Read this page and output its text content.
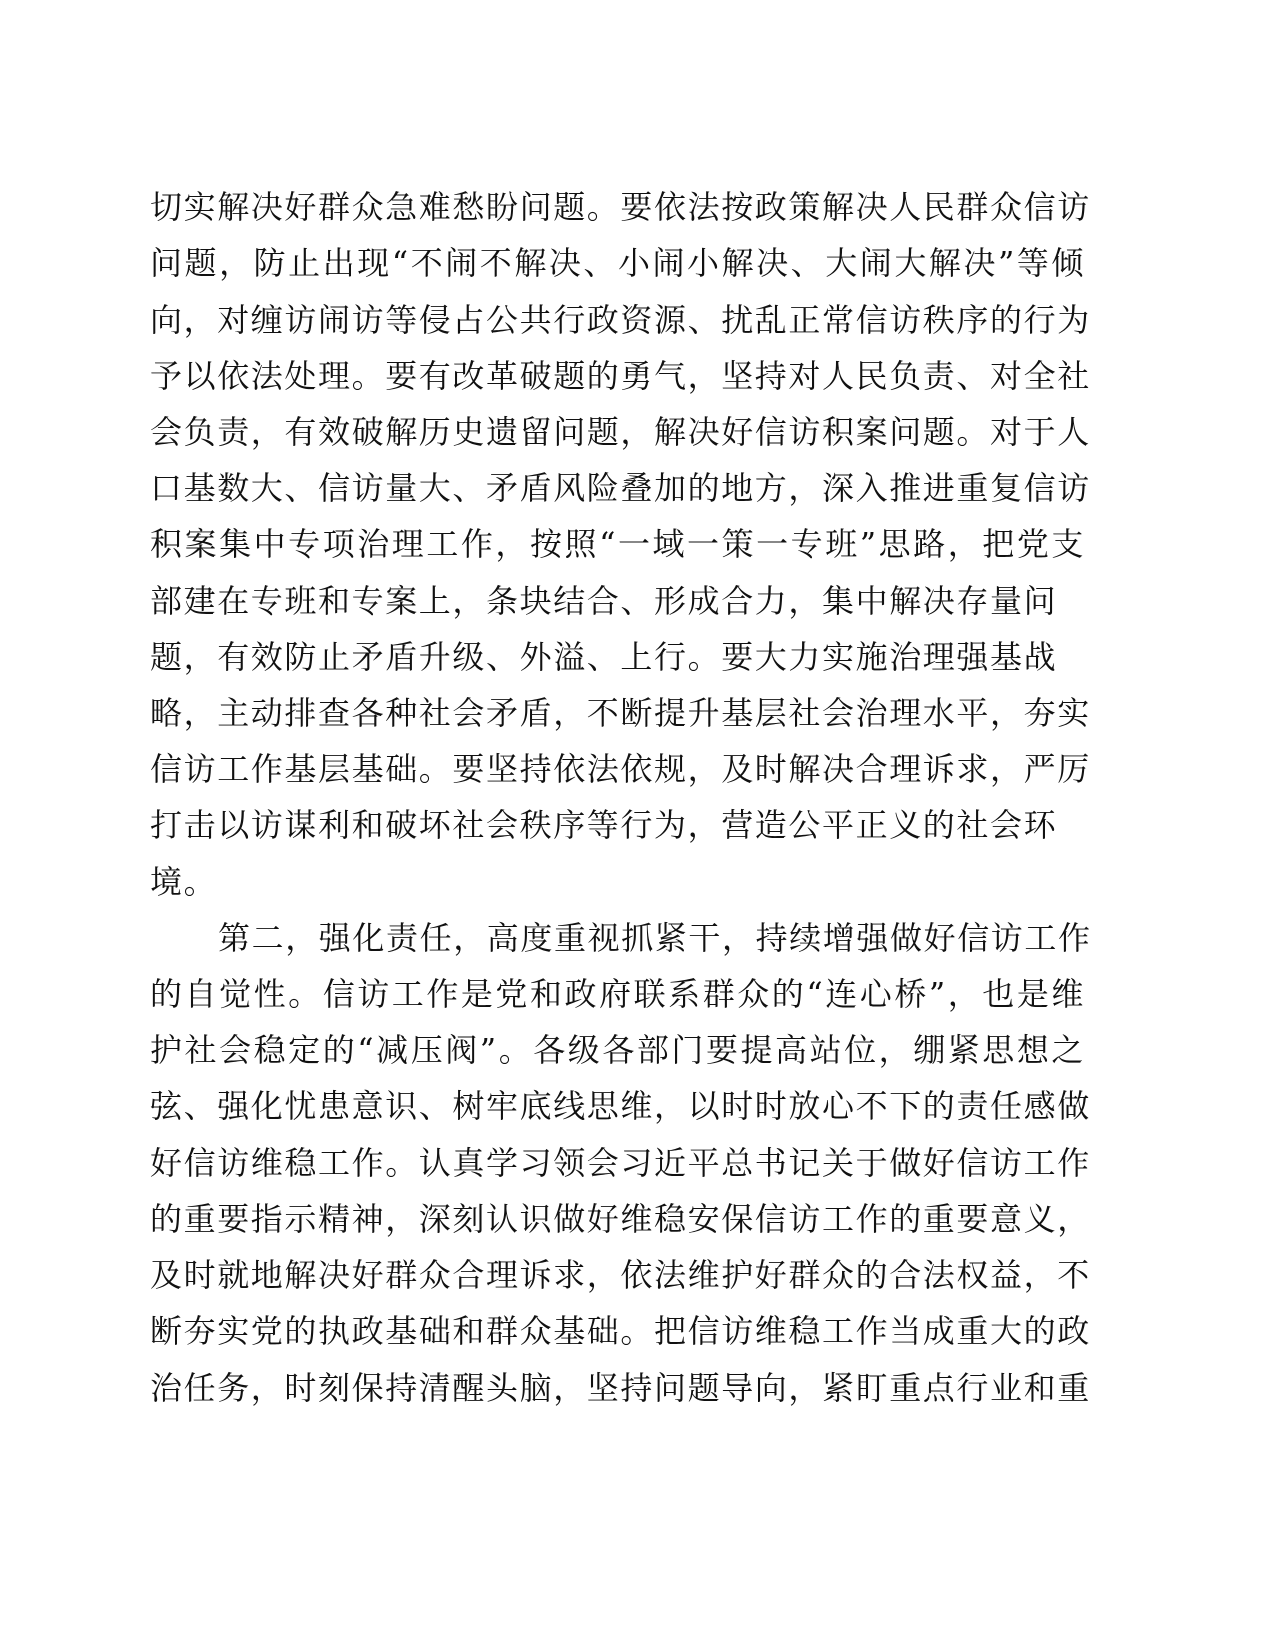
切实解决好群众急难愁盼问题。要依法按政策解决人民群众信访
问题，防止出现“不闹不解决、小闹小解决、大闹大解决”等倾
向，对缠访闹访等侵占公共行政资源、扰乱正常信访秩序的行为
予以依法处理。要有改革破题的勇气，坚持对人民负责、对全社
会负责，有效破解历史遗留问题，解决好信访积案问题。对于人
口基数大、信访量大、矛盾风险叠加的地方，深入推进重复信访
积案集中专项治理工作，按照“一域一策一专班”思路，把党支
部建在专班和专案上，条块结合、形成合力，集中解决存量问
题，有效防止矛盾升级、外溢、上行。要大力实施治理强基战
略，主动排查各种社会矛盾，不断提升基层社会治理水平，夯实
信访工作基层基础。要坚持依法依规，及时解决合理诉求，严厉
打击以访谋利和破坏社会秩序等行为，营造公平正义的社会环
境。
第二，强化责任，高度重视抓紧干，持续增强做好信访工作
的自觉性。信访工作是党和政府联系群众的“连心桥”，也是维
护社会稳定的“减压阀”。各级各部门要提高站位，绷紧思想之
弦、强化忧患意识、树牢底线思维，以时时放心不下的责任感做
好信访维稳工作。认真学习领会习近平总书记关于做好信访工作
的重要指示精神，深刻认识做好维稳安保信访工作的重要意义，
及时就地解决好群众合理诉求，依法维护好群众的合法权益，不
断夯实党的执政基础和群众基础。把信访维稳工作当成重大的政
治任务，时刻保持清醒头脑，坚持问题导向，紧盯重点行业和重
